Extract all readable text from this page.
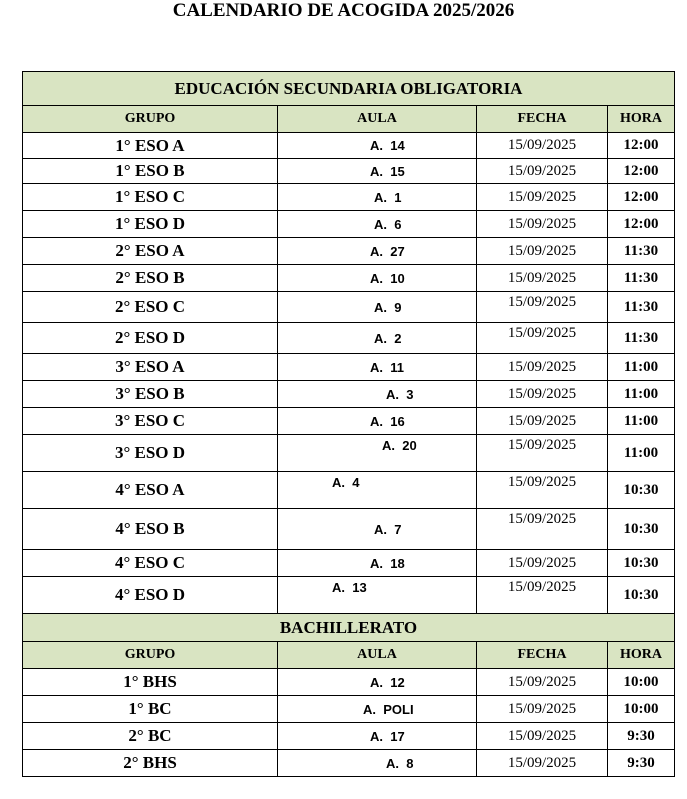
CALENDARIO DE ACOGIDA 2025/2026
EDUCACIÓN SECUNDARIA OBLIGATORIA			
GRUPO	AULA	FECHA	HORA
1° ESO A	A.  14	15/09/2025	12:00
1° ESO B	A.  15	15/09/2025	12:00
1° ESO C	A.  1	15/09/2025	12:00
1° ESO D	A.  6	15/09/2025	12:00
2° ESO A	A.  27	15/09/2025	11:30
2° ESO B	A.  10	15/09/2025	11:30
2° ESO C	A.  9	15/09/2025	11:30
2° ESO D	A.  2	15/09/2025	11:30
3° ESO A	A.  11	15/09/2025	11:00
3° ESO B	A.  3	15/09/2025	11:00
3° ESO C	A.  16	15/09/2025	11:00
3° ESO D	A.  20	15/09/2025	11:00
4° ESO A	A.  4	15/09/2025	10:30
4° ESO B	A.  7	15/09/2025	10:30
4° ESO C	A.  18	15/09/2025	10:30
4° ESO D	A.  13	15/09/2025	10:30
BACHILLERATO			
GRUPO	AULA	FECHA	HORA
1° BHS	A.  12	15/09/2025	10:00
1° BC	A.  POLI	15/09/2025	10:00
2° BC	A.  17	15/09/2025	9:30
2° BHS	A.  8	15/09/2025	9:30
